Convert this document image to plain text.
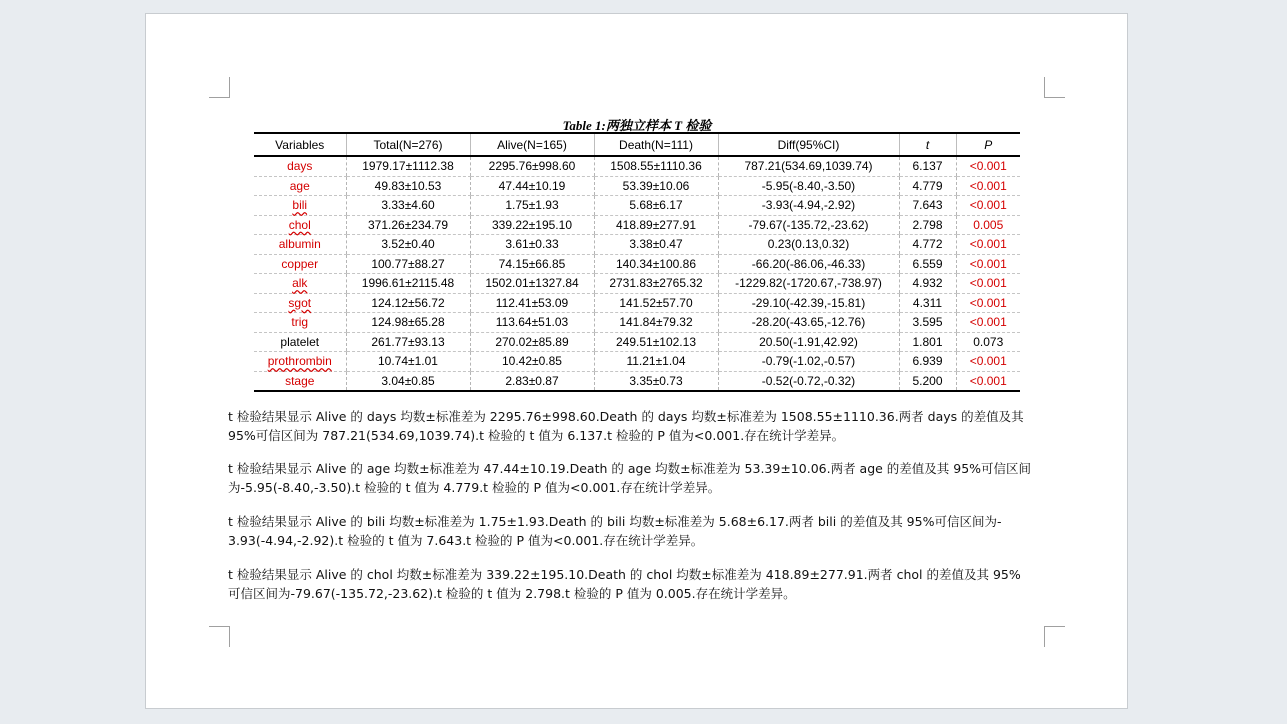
Table 1:两独立样本 T 检验
Variables	Total(N=276)	Alive(N=165)	Death(N=111)	Diff(95%CI)	t	P
days	1979.17±1112.38	2295.76±998.60	1508.55±1110.36	787.21(534.69,1039.74)	6.137	<0.001
age	49.83±10.53	47.44±10.19	53.39±10.06	-5.95(-8.40,-3.50)	4.779	<0.001
bili	3.33±4.60	1.75±1.93	5.68±6.17	-3.93(-4.94,-2.92)	7.643	<0.001
chol	371.26±234.79	339.22±195.10	418.89±277.91	-79.67(-135.72,-23.62)	2.798	0.005
albumin	3.52±0.40	3.61±0.33	3.38±0.47	0.23(0.13,0.32)	4.772	<0.001
copper	100.77±88.27	74.15±66.85	140.34±100.86	-66.20(-86.06,-46.33)	6.559	<0.001
alk	1996.61±2115.48	1502.01±1327.84	2731.83±2765.32	-1229.82(-1720.67,-738.97)	4.932	<0.001
sgot	124.12±56.72	112.41±53.09	141.52±57.70	-29.10(-42.39,-15.81)	4.311	<0.001
trig	124.98±65.28	113.64±51.03	141.84±79.32	-28.20(-43.65,-12.76)	3.595	<0.001
platelet	261.77±93.13	270.02±85.89	249.51±102.13	20.50(-1.91,42.92)	1.801	0.073
prothrombin	10.74±1.01	10.42±0.85	11.21±1.04	-0.79(-1.02,-0.57)	6.939	<0.001
stage	3.04±0.85	2.83±0.87	3.35±0.73	-0.52(-0.72,-0.32)	5.200	<0.001
t 检验结果显示 Alive 的 days 均数±标准差为 2295.76±998.60.Death 的 days 均数±标准差为 1508.55±1110.36.两者 days 的差值及其
95%可信区间为 787.21(534.69,1039.74).t 检验的 t 值为 6.137.t 检验的 P 值为<0.001.存在统计学差异。
t 检验结果显示 Alive 的 age 均数±标准差为 47.44±10.19.Death 的 age 均数±标准差为 53.39±10.06.两者 age 的差值及其 95%可信区间
为-5.95(-8.40,-3.50).t 检验的 t 值为 4.779.t 检验的 P 值为<0.001.存在统计学差异。
t 检验结果显示 Alive 的 bili 均数±标准差为 1.75±1.93.Death 的 bili 均数±标准差为 5.68±6.17.两者 bili 的差值及其 95%可信区间为-
3.93(-4.94,-2.92).t 检验的 t 值为 7.643.t 检验的 P 值为<0.001.存在统计学差异。
t 检验结果显示 Alive 的 chol 均数±标准差为 339.22±195.10.Death 的 chol 均数±标准差为 418.89±277.91.两者 chol 的差值及其 95%
可信区间为-79.67(-135.72,-23.62).t 检验的 t 值为 2.798.t 检验的 P 值为 0.005.存在统计学差异。
